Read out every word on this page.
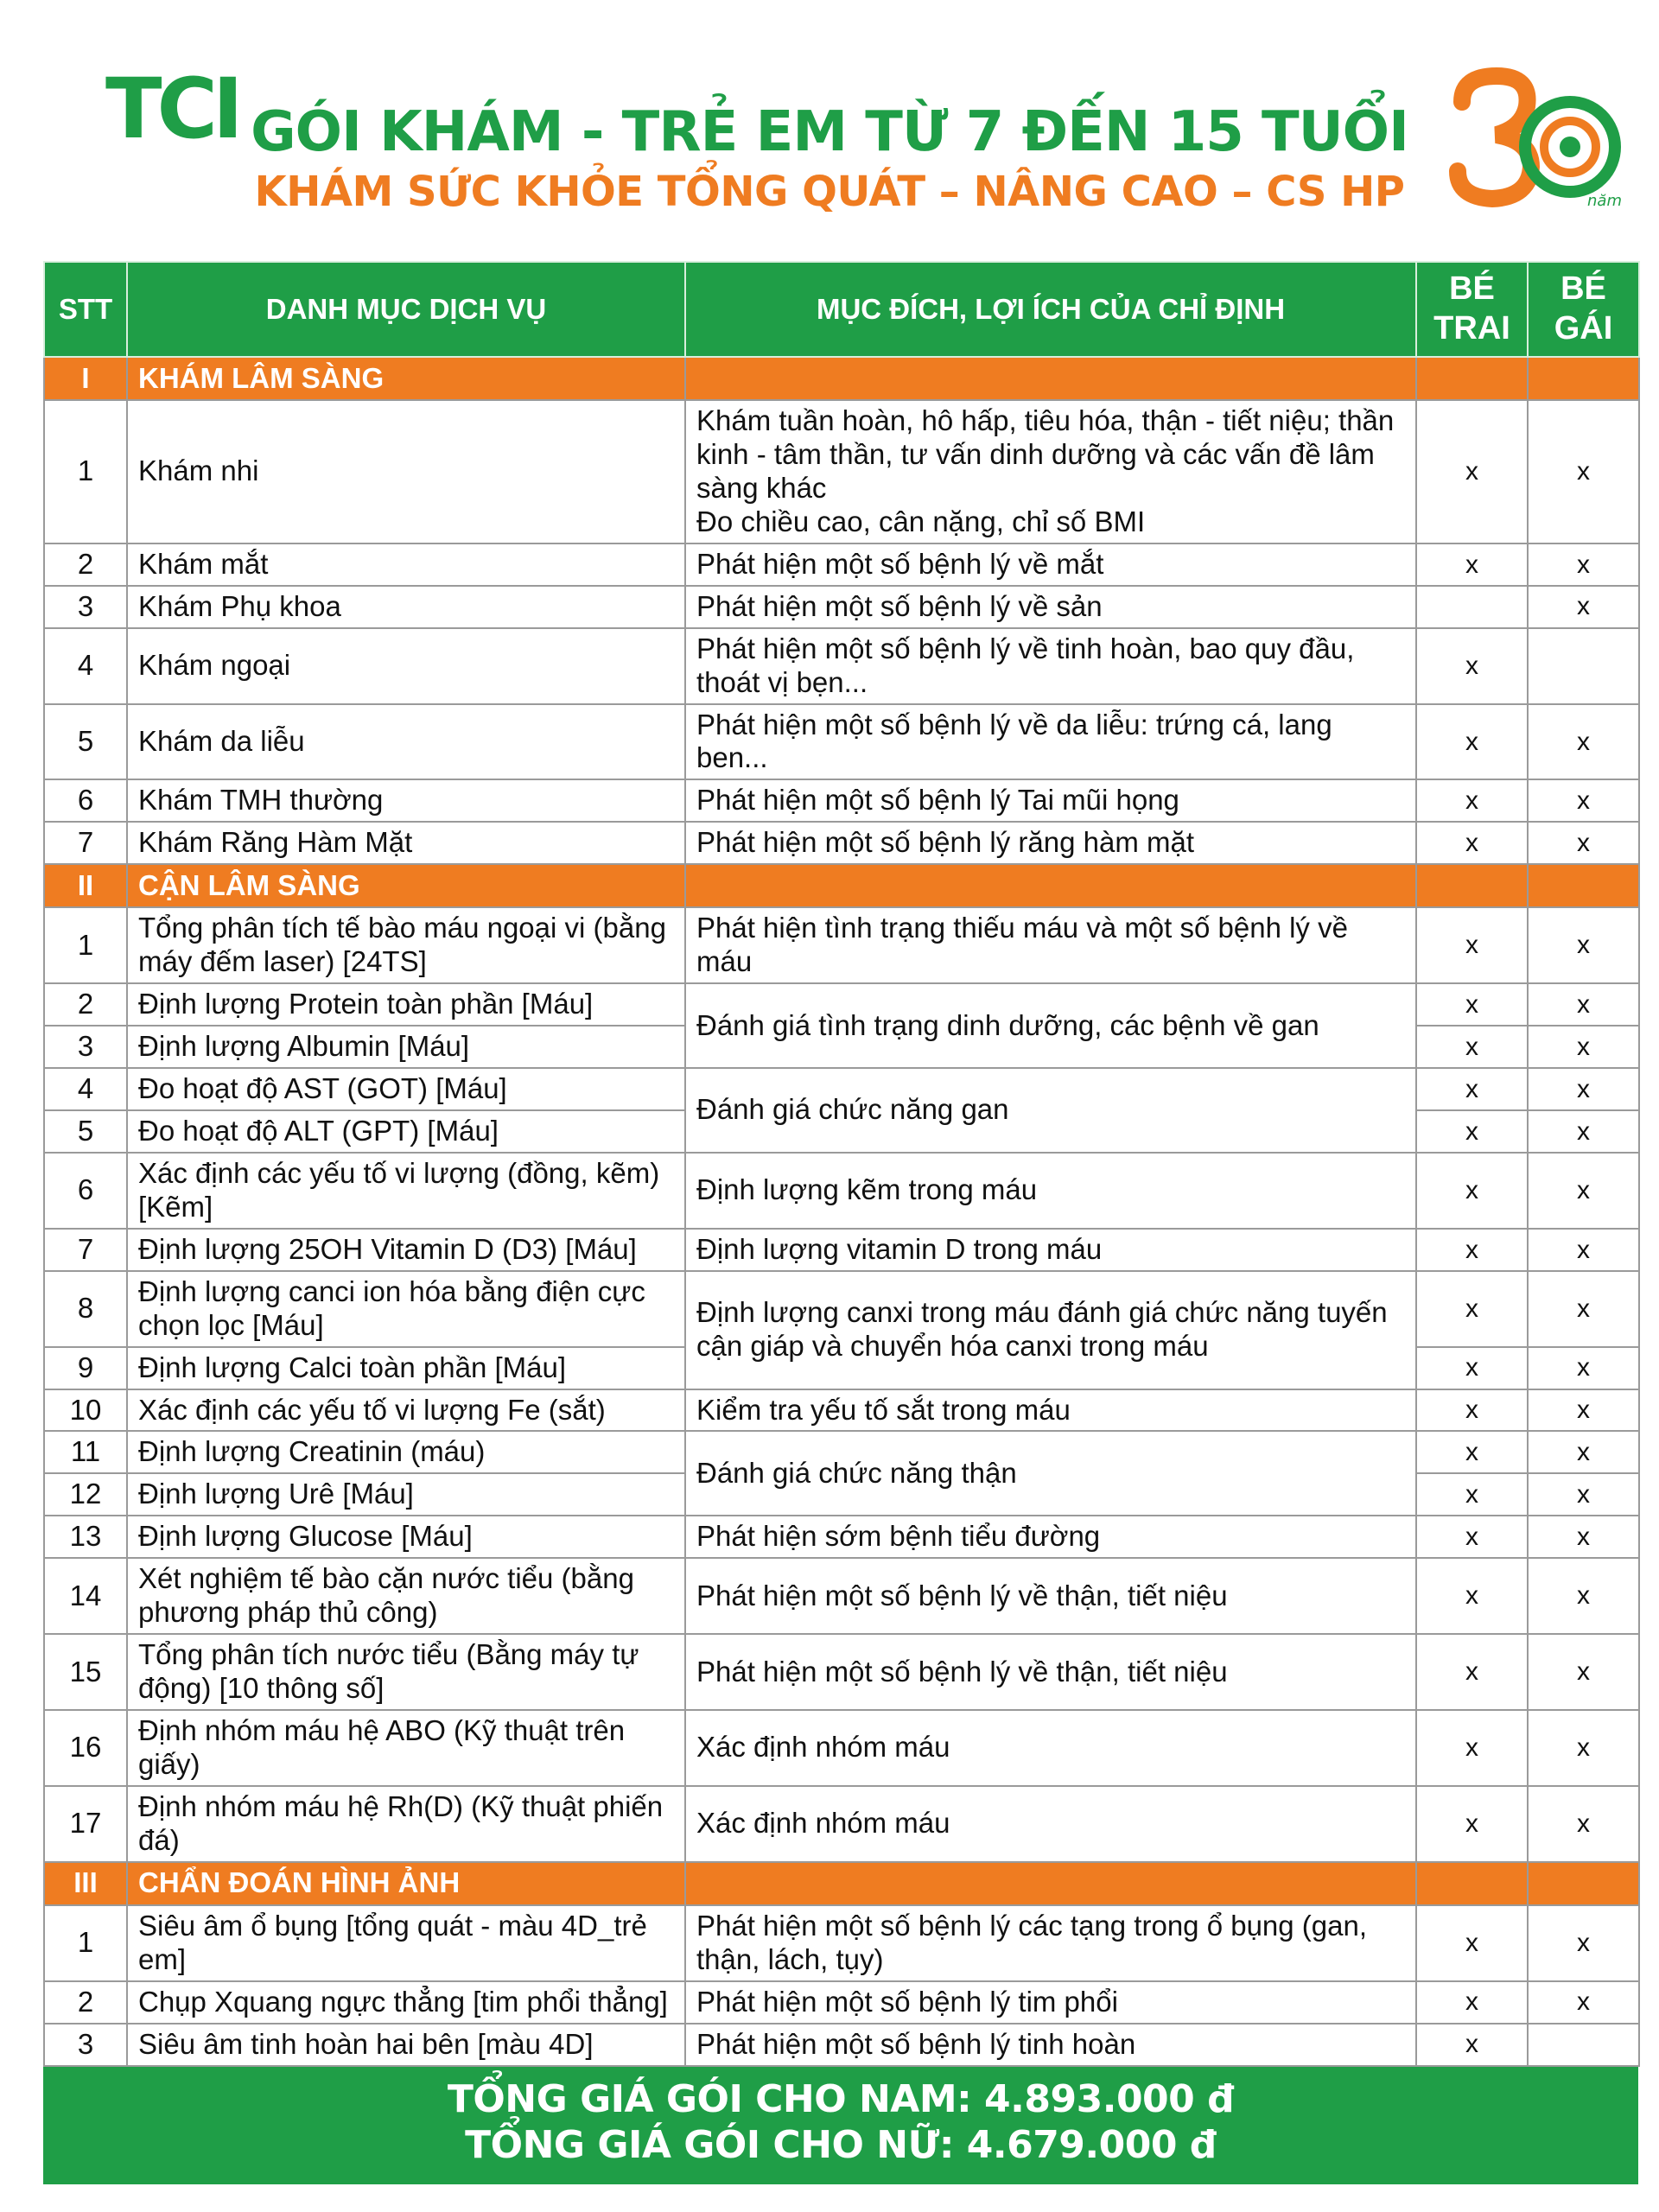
TCI
năm
GÓI KHÁM - TRẺ EM TỪ 7 ĐẾN 15 TUỔI
KHÁM SỨC KHỎE TỔNG QUÁT – NÂNG CAO – CS HP
STT	DANH MỤC DỊCH VỤ	MỤC ĐÍCH, LỢI ÍCH CỦA CHỈ ĐỊNH	BÉ TRAI	BÉ GÁI
I	KHÁM LÂM SÀNG			
1	Khám nhi	Khám tuần hoàn, hô hấp, tiêu hóa, thận - tiết niệu; thần kinh - tâm thần, tư vấn dinh dưỡng và các vấn đề lâm sàng khác
Đo chiều cao, cân nặng, chỉ số BMI	x	x
2	Khám mắt	Phát hiện một số bệnh lý về mắt	x	x
3	Khám Phụ khoa	Phát hiện một số bệnh lý về sản		x
4	Khám ngoại	Phát hiện một số bệnh lý về tinh hoàn, bao quy đầu, thoát vị bẹn...	x	
5	Khám da liễu	Phát hiện một số bệnh lý về da liễu: trứng cá, lang ben...	x	x
6	Khám TMH thường	Phát hiện một số bệnh lý Tai mũi họng	x	x
7	Khám Răng Hàm Mặt	Phát hiện một số bệnh lý răng hàm mặt	x	x
II	CẬN LÂM SÀNG			
1	Tổng phân tích tế bào máu ngoại vi (bằng máy đếm laser) [24TS]	Phát hiện tình trạng thiếu máu và một số bệnh lý về máu	x	x
2	Định lượng Protein toàn phần [Máu]	Đánh giá tình trạng dinh dưỡng, các bệnh về gan	x	x
3	Định lượng Albumin [Máu]		x	x
4	Đo hoạt độ AST (GOT) [Máu]	Đánh giá chức năng gan	x	x
5	Đo hoạt độ ALT (GPT) [Máu]		x	x
6	Xác định các yếu tố vi lượng (đồng, kẽm) [Kẽm]	Định lượng kẽm trong máu	x	x
7	Định lượng 25OH Vitamin D (D3) [Máu]	Định lượng vitamin D trong máu	x	x
8	Định lượng canci ion hóa bằng điện cực chọn lọc [Máu]	Định lượng canxi trong máu đánh giá chức năng tuyến cận giáp và chuyển hóa canxi trong máu	x	x
9	Định lượng Calci toàn phần [Máu]		x	x
10	Xác định các yếu tố vi lượng Fe (sắt)	Kiểm tra yếu tố sắt trong máu	x	x
11	Định lượng Creatinin (máu)	Đánh giá chức năng thận	x	x
12	Định lượng Urê [Máu]		x	x
13	Định lượng Glucose [Máu]	Phát hiện sớm bệnh tiểu đường	x	x
14	Xét nghiệm tế bào cặn nước tiểu (bằng phương pháp thủ công)	Phát hiện một số bệnh lý về thận, tiết niệu	x	x
15	Tổng phân tích nước tiểu (Bằng máy tự động) [10 thông số]	Phát hiện một số bệnh lý về thận, tiết niệu	x	x
16	Định nhóm máu hệ ABO (Kỹ thuật trên giấy)	Xác định nhóm máu	x	x
17	Định nhóm máu hệ Rh(D) (Kỹ thuật phiến đá)	Xác định nhóm máu	x	x
III	CHẨN ĐOÁN HÌNH ẢNH			
1	Siêu âm ổ bụng [tổng quát - màu 4D_trẻ em]	Phát hiện một số bệnh lý các tạng trong ổ bụng (gan, thận, lách, tụy)	x	x
2	Chụp Xquang ngực thẳng [tim phổi thẳng]	Phát hiện một số bệnh lý tim phổi	x	x
3	Siêu âm tinh hoàn hai bên [màu 4D]	Phát hiện một số bệnh lý tinh hoàn	x	
TỔNG GIÁ GÓI CHO NAM: 4.893.000 đ
TỔNG GIÁ GÓI CHO NỮ: 4.679.000 đ
